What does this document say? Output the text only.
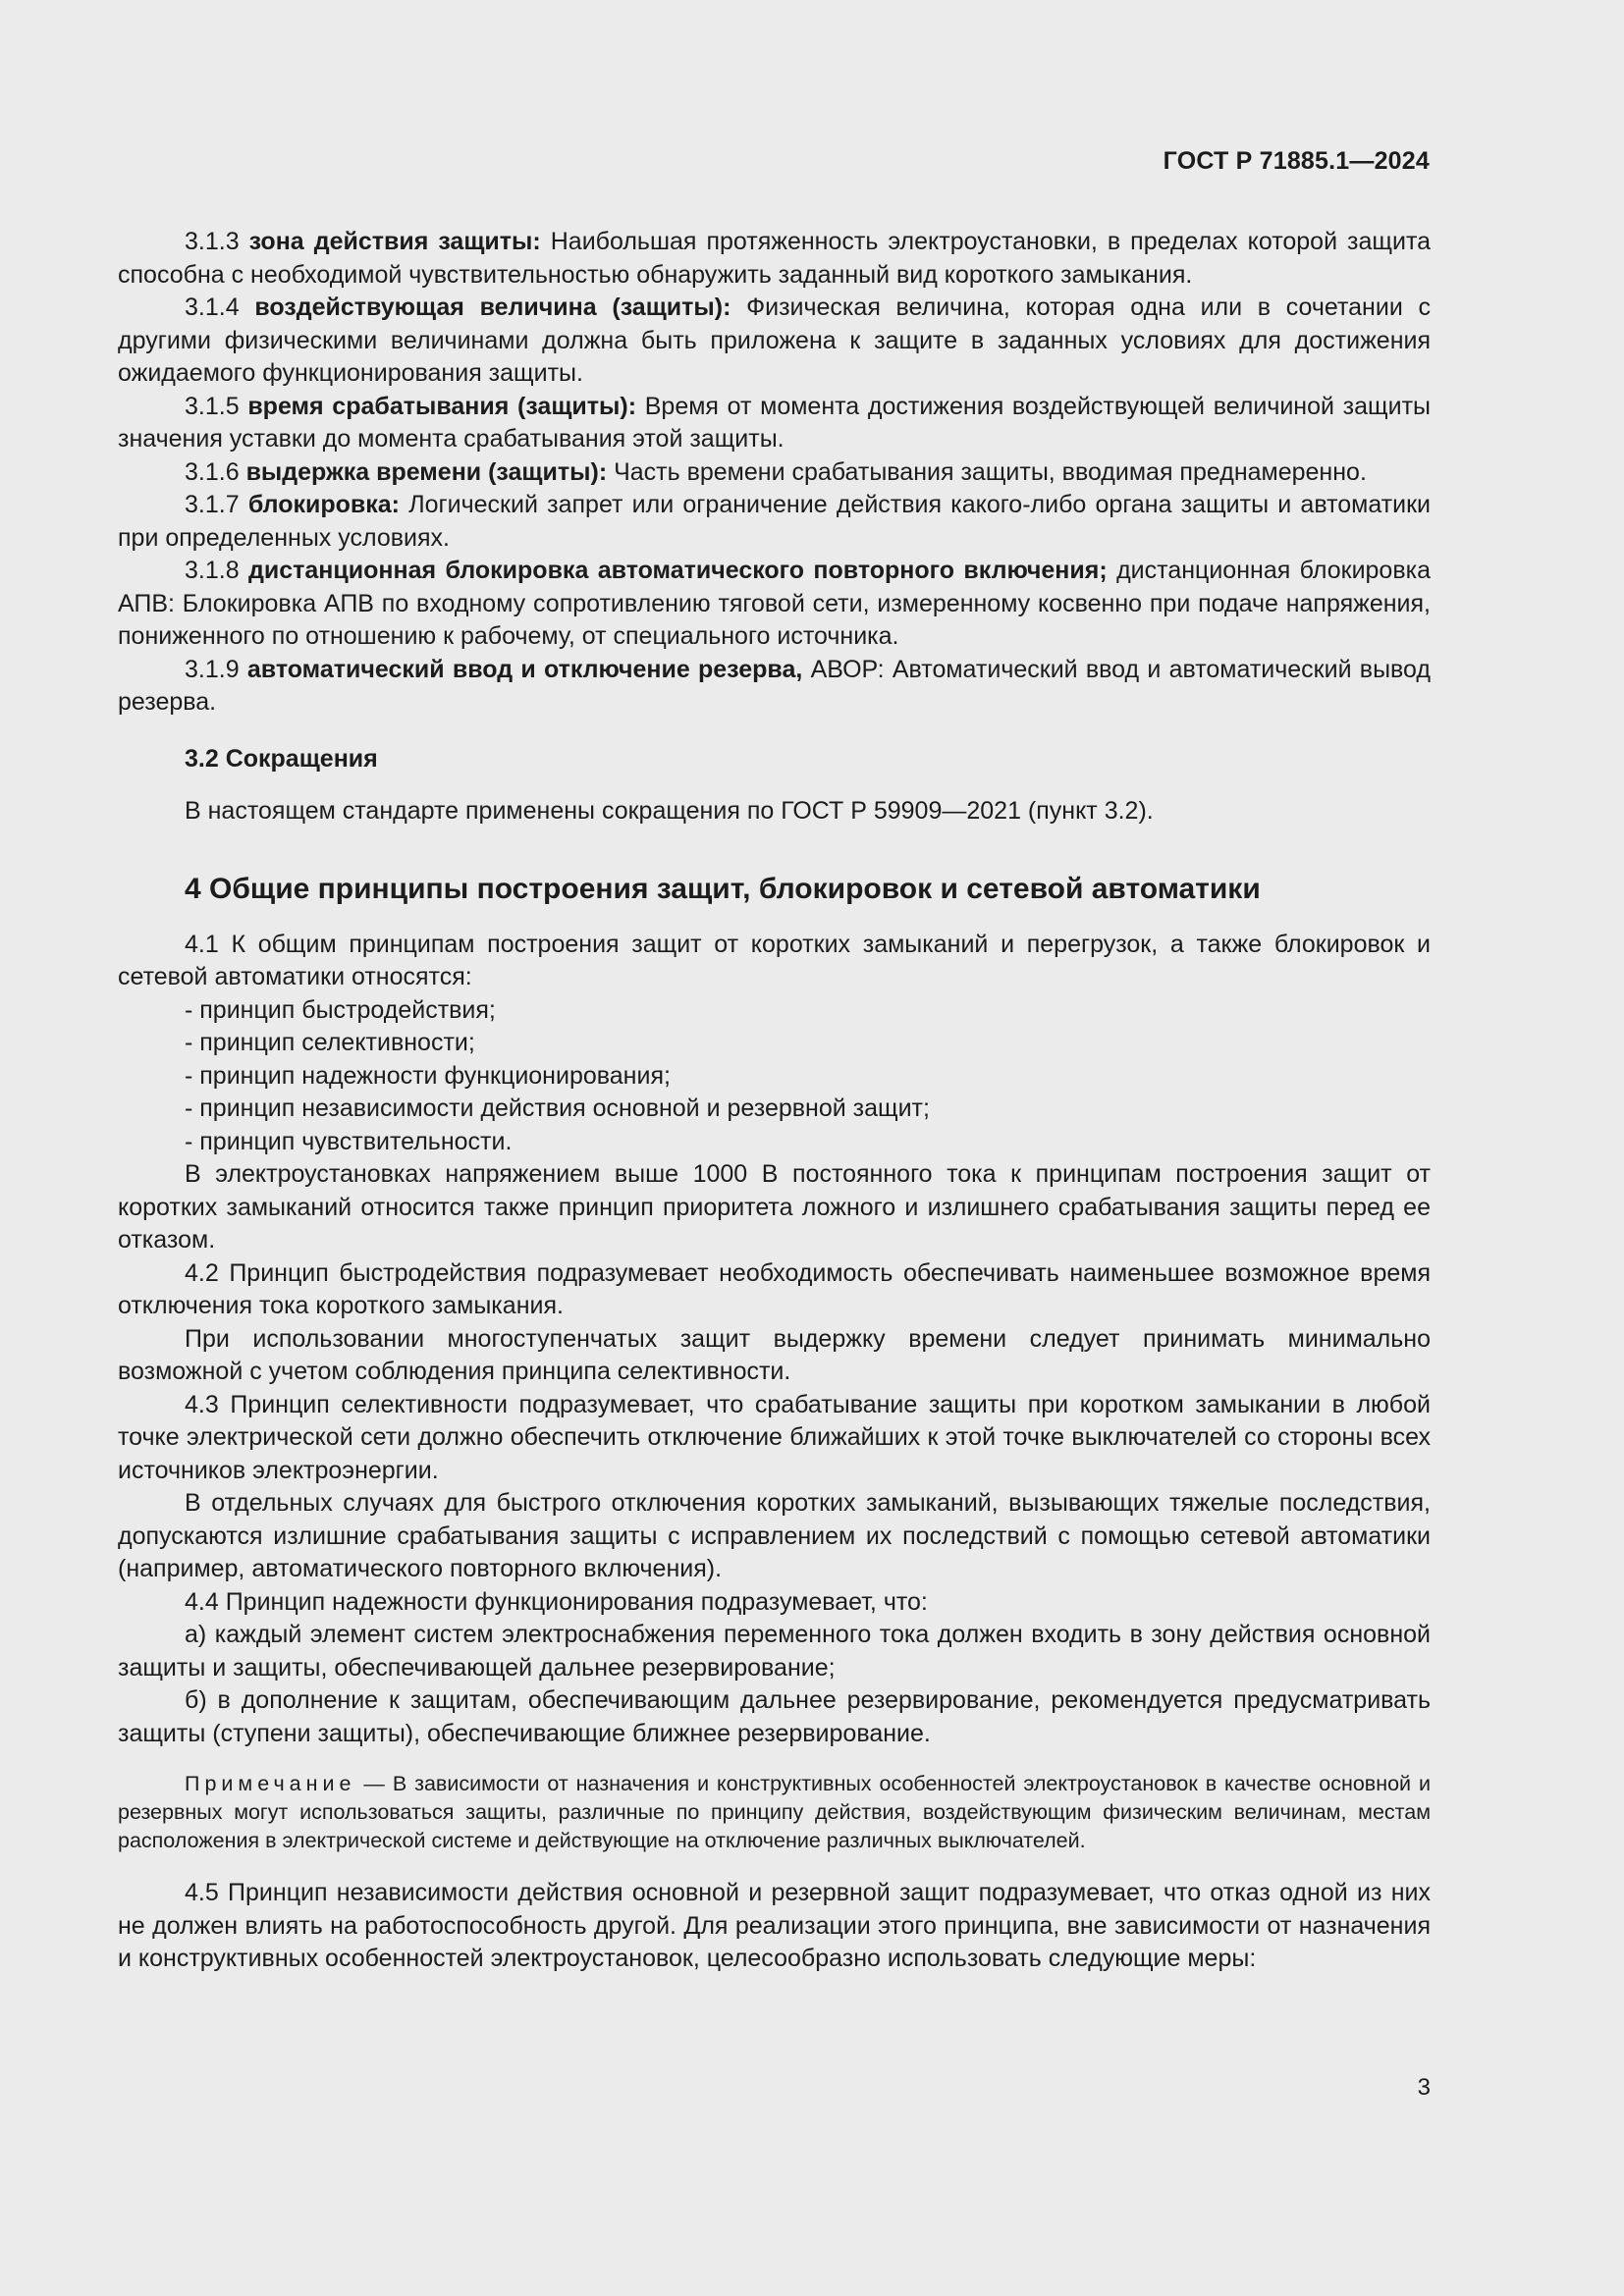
ГОСТ Р 71885.1—2024

3.1.3 зона действия защиты: Наибольшая протяженность электроустановки, в пределах которой защита способна с необходимой чувствительностью обнаружить заданный вид короткого замыкания.

3.1.4 воздействующая величина (защиты): Физическая величина, которая одна или в сочетании с другими физическими величинами должна быть приложена к защите в заданных условиях для достижения ожидаемого функционирования защиты.

3.1.5 время срабатывания (защиты): Время от момента достижения воздействующей величиной защиты значения уставки до момента срабатывания этой защиты.

3.1.6 выдержка времени (защиты): Часть времени срабатывания защиты, вводимая преднамеренно.

3.1.7 блокировка: Логический запрет или ограничение действия какого-либо органа защиты и автоматики при определенных условиях.

3.1.8 дистанционная блокировка автоматического повторного включения; дистанционная блокировка АПВ: Блокировка АПВ по входному сопротивлению тяговой сети, измеренному косвенно при подаче напряжения, пониженного по отношению к рабочему, от специального источника.

3.1.9 автоматический ввод и отключение резерва, АВОР: Автоматический ввод и автоматический вывод резерва.

3.2 Сокращения

В настоящем стандарте применены сокращения по ГОСТ Р 59909—2021 (пункт 3.2).

4 Общие принципы построения защит, блокировок и сетевой автоматики

4.1 К общим принципам построения защит от коротких замыканий и перегрузок, а также блокировок и сетевой автоматики относятся:

- принцип быстродействия;

- принцип селективности;

- принцип надежности функционирования;

- принцип независимости действия основной и резервной защит;

- принцип чувствительности.

В электроустановках напряжением выше 1000 В постоянного тока к принципам построения защит от коротких замыканий относится также принцип приоритета ложного и излишнего срабатывания защиты перед ее отказом.

4.2 Принцип быстродействия подразумевает необходимость обеспечивать наименьшее возможное время отключения тока короткого замыкания.

При использовании многоступенчатых защит выдержку времени следует принимать минимально возможной с учетом соблюдения принципа селективности.

4.3 Принцип селективности подразумевает, что срабатывание защиты при коротком замыкании в любой точке электрической сети должно обеспечить отключение ближайших к этой точке выключателей со стороны всех источников электроэнергии.

В отдельных случаях для быстрого отключения коротких замыканий, вызывающих тяжелые последствия, допускаются излишние срабатывания защиты с исправлением их последствий с помощью сетевой автоматики (например, автоматического повторного включения).

4.4 Принцип надежности функционирования подразумевает, что:

а) каждый элемент систем электроснабжения переменного тока должен входить в зону действия основной защиты и защиты, обеспечивающей дальнее резервирование;

б) в дополнение к защитам, обеспечивающим дальнее резервирование, рекомендуется предусматривать защиты (ступени защиты), обеспечивающие ближнее резервирование.

Примечание — В зависимости от назначения и конструктивных особенностей электроустановок в качестве основной и резервных могут использоваться защиты, различные по принципу действия, воздействующим физическим величинам, местам расположения в электрической системе и действующие на отключение различных выключателей.

4.5 Принцип независимости действия основной и резервной защит подразумевает, что отказ одной из них не должен влиять на работоспособность другой. Для реализации этого принципа, вне зависимости от назначения и конструктивных особенностей электроустановок, целесообразно использовать следующие меры:

3
